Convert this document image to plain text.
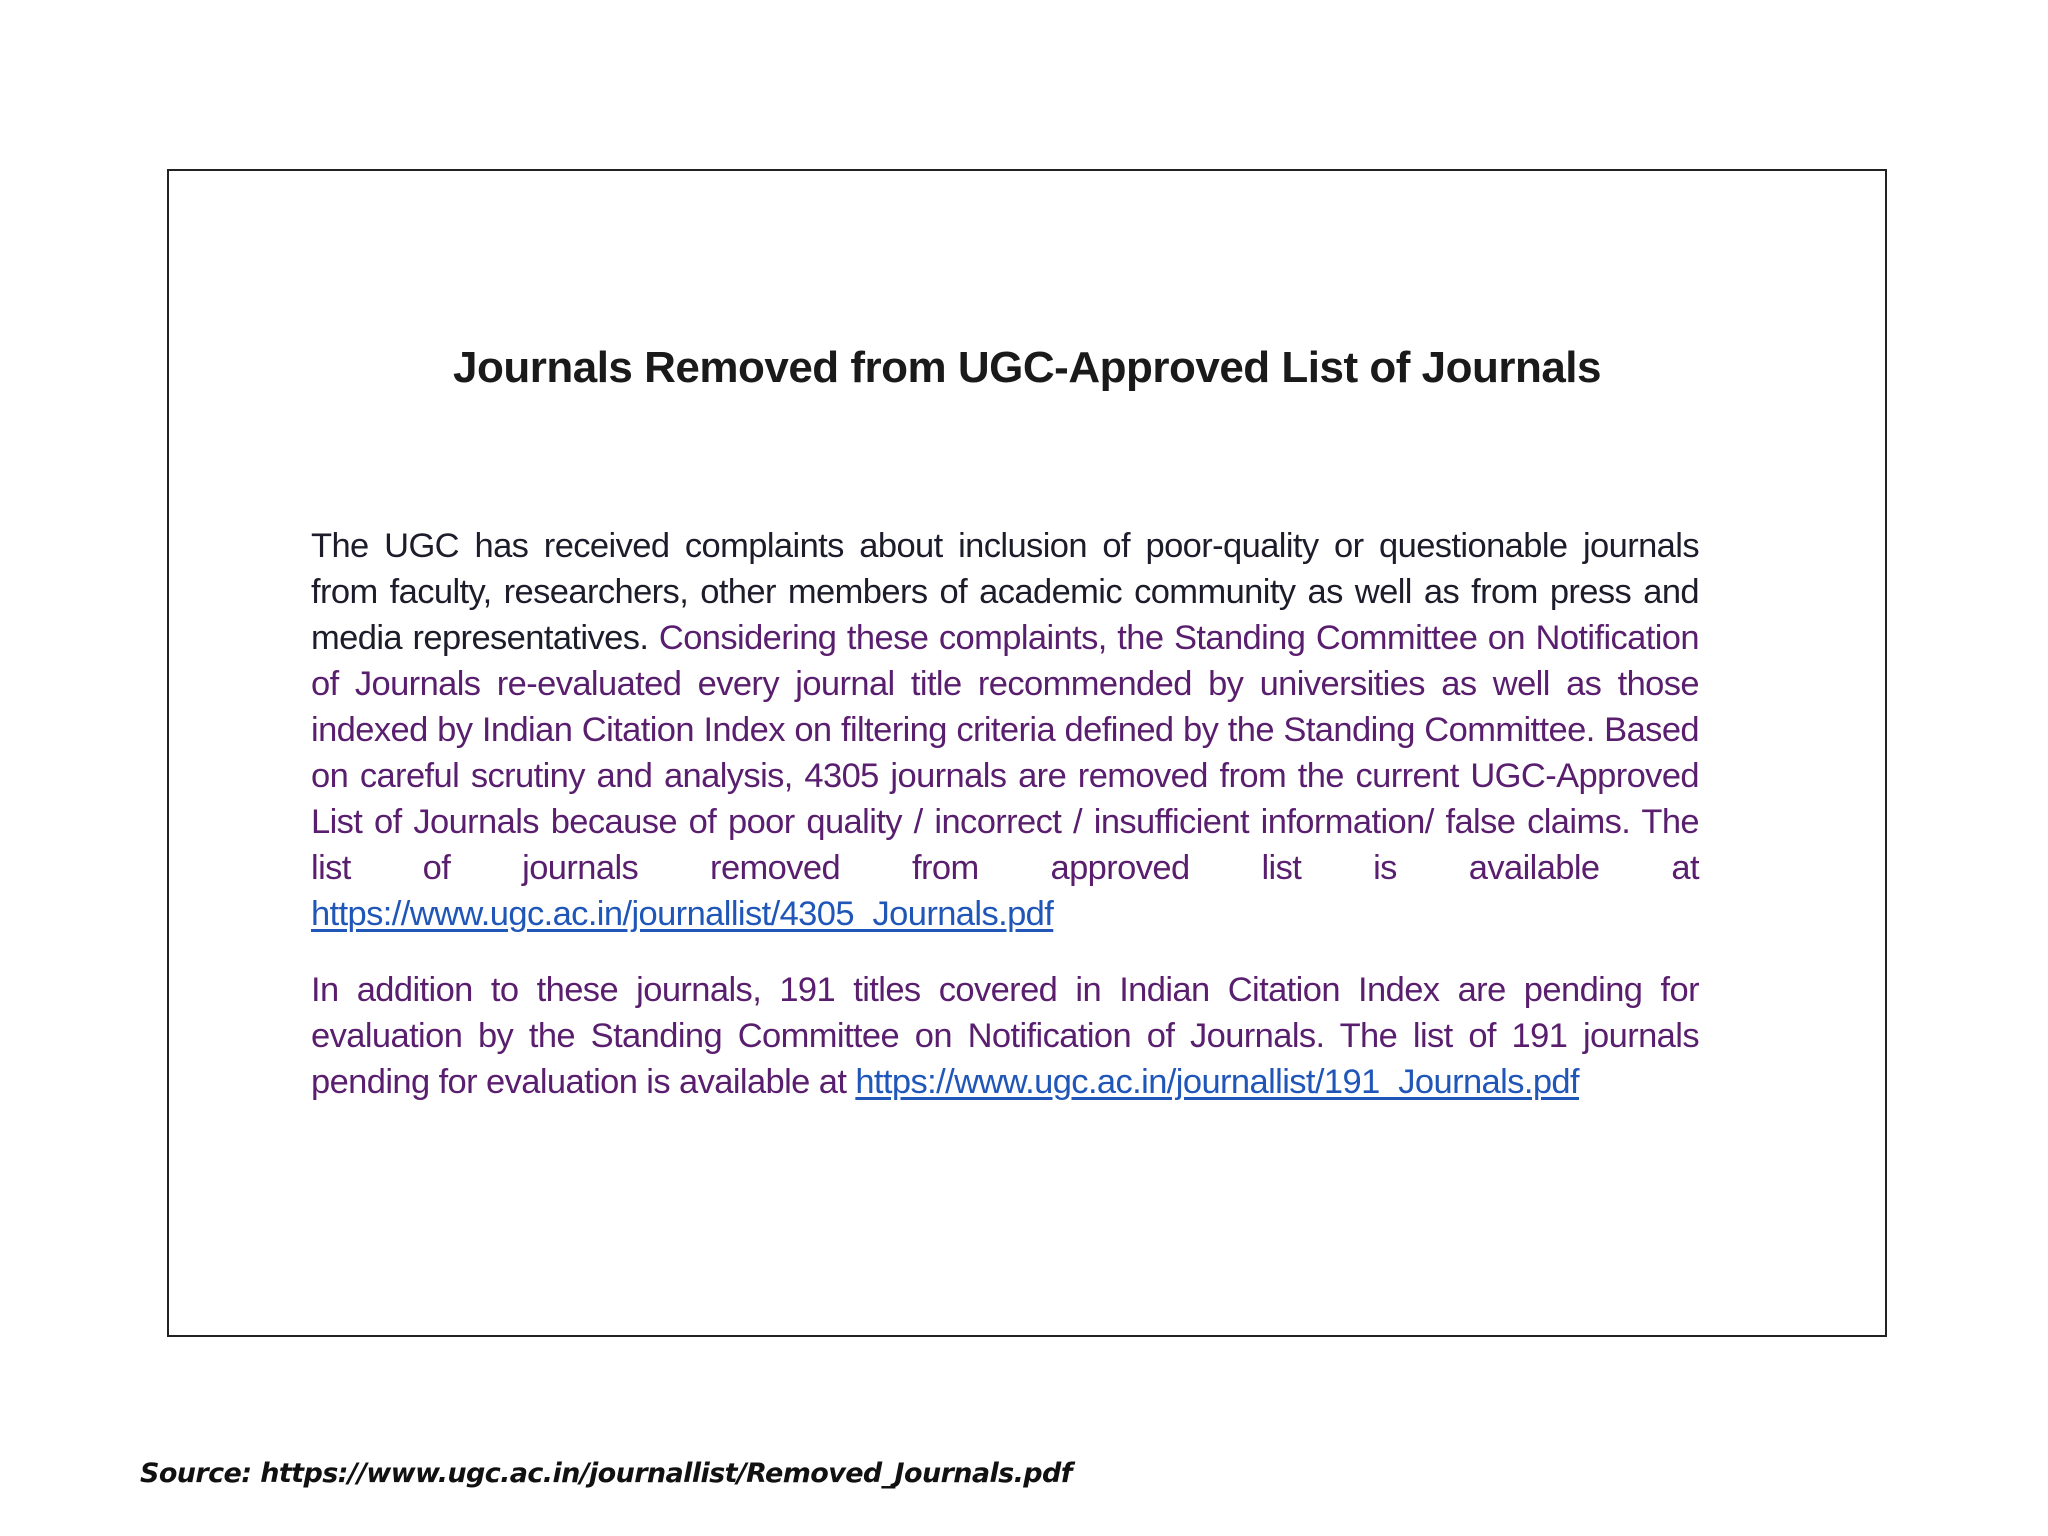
Journals Removed from UGC-Approved List of Journals

The UGC has received complaints about inclusion of poor-quality or questionable journals from faculty, researchers, other members of academic community as well as from press and media representatives. Considering these complaints, the Standing Committee on Notification of Journals re-evaluated every journal title recommended by universities as well as those indexed by Indian Citation Index on filtering criteria defined by the Standing Committee. Based on careful scrutiny and analysis, 4305 journals are removed from the current UGC-Approved List of Journals because of poor quality / incorrect / insufficient information/ false claims. The list of journals removed from approved list is available at https://www.ugc.ac.in/journallist/4305_Journals.pdf

In addition to these journals, 191 titles covered in Indian Citation Index are pending for evaluation by the Standing Committee on Notification of Journals. The list of 191 journals pending for evaluation is available at https://www.ugc.ac.in/journallist/191_Journals.pdf

Source: https://www.ugc.ac.in/journallist/Removed_Journals.pdf
